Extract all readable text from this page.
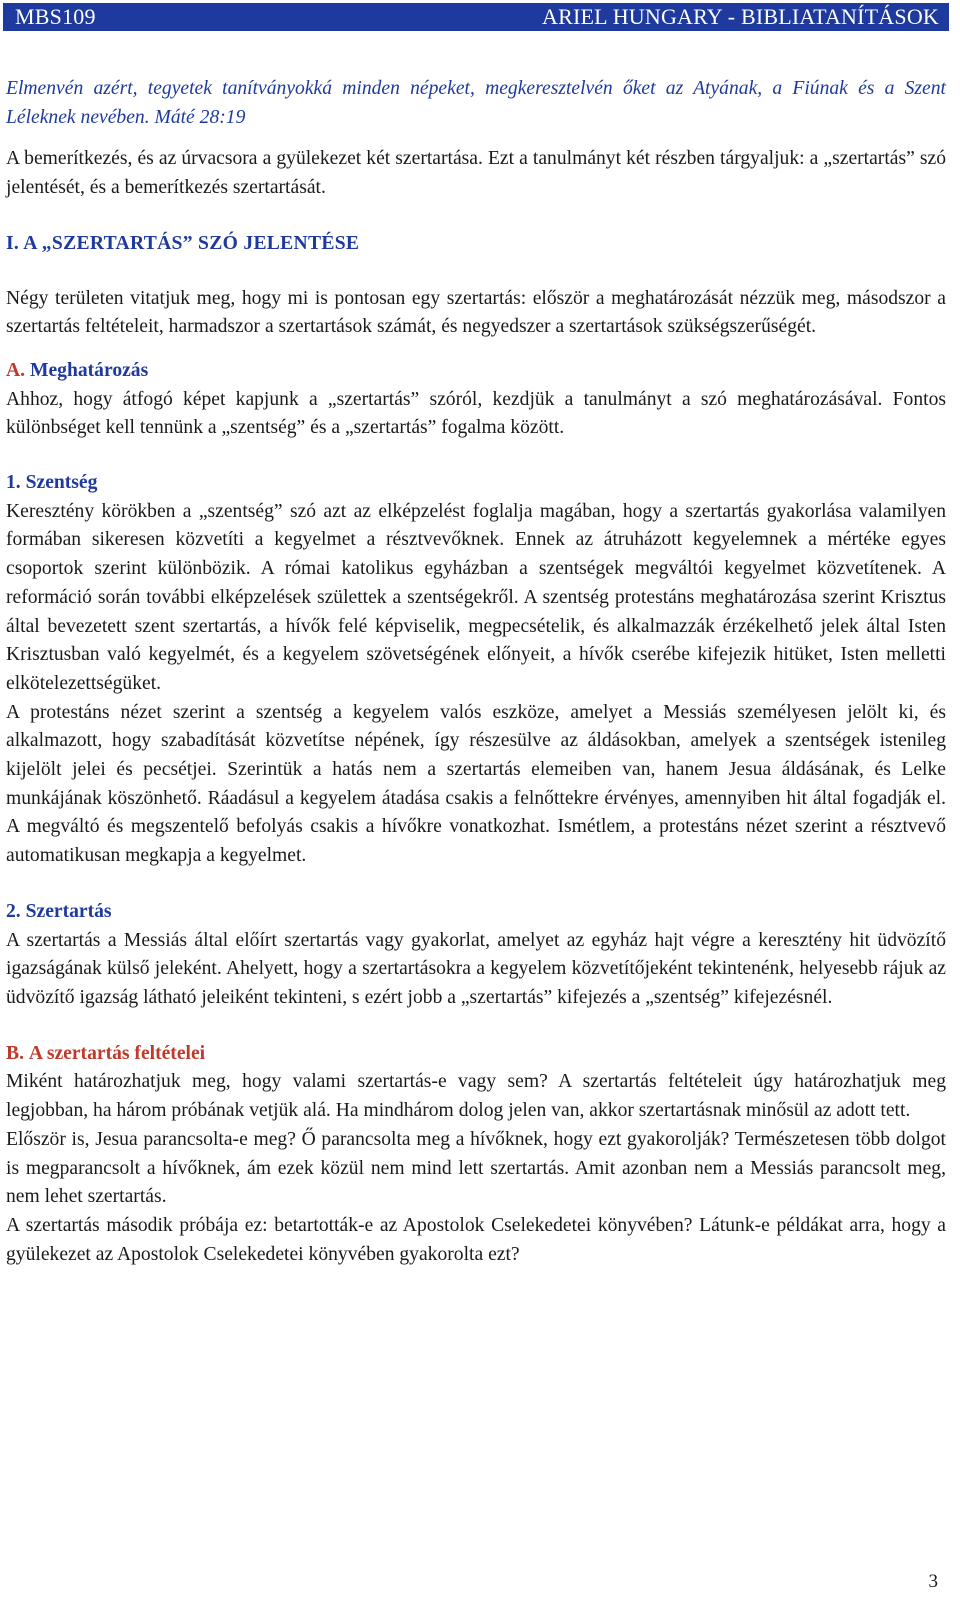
MBS109	ARIEL HUNGARY - BIBLIATANÍTÁSOK

Elmenvén azért, tegyetek tanítványokká minden népeket, megkeresztelvén őket az Atyának, a Fiúnak és a Szent Léleknek nevében. Máté 28:19

A bemerítkezés, és az úrvacsora a gyülekezet két szertartása. Ezt a tanulmányt két részben tárgyaljuk: a „szertartás” szó jelentését, és a bemerítkezés szertartását.

I. A „SZERTARTÁS” SZÓ JELENTÉSE

Négy területen vitatjuk meg, hogy mi is pontosan egy szertartás: először a meghatározását nézzük meg, másodszor a szertartás feltételeit, harmadszor a szertartások számát, és negyedszer a szertartások szükségszerűségét.

A. Meghatározás

Ahhoz, hogy átfogó képet kapjunk a „szertartás” szóról, kezdjük a tanulmányt a szó meghatározásával. Fontos különbséget kell tennünk a „szentség” és a „szertartás” fogalma között.

1. Szentség

Keresztény körökben a „szentség” szó azt az elképzelést foglalja magában, hogy a szertartás gyakorlása valamilyen formában sikeresen közvetíti a kegyelmet a résztvevőknek. Ennek az átruházott kegyelemnek a mértéke egyes csoportok szerint különbözik. A római katolikus egyházban a szentségek megváltói kegyelmet közvetítenek. A reformáció során további elképzelések születtek a szentségekről. A szentség protestáns meghatározása szerint Krisztus által bevezetett szent szertartás, a hívők felé képviselik, megpecsételik, és alkalmazzák érzékelhető jelek által Isten Krisztusban való kegyelmét, és a kegyelem szövetségének előnyeit, a hívők cserébe kifejezik hitüket, Isten melletti elkötelezettségüket.

A protestáns nézet szerint a szentség a kegyelem valós eszköze, amelyet a Messiás személyesen jelölt ki, és alkalmazott, hogy szabadítását közvetítse népének, így részesülve az áldásokban, amelyek a szentségek istenileg kijelölt jelei és pecsétjei. Szerintük a hatás nem a szertartás elemeiben van, hanem Jesua áldásának, és Lelke munkájának köszönhető. Ráadásul a kegyelem átadása csakis a felnőttekre érvényes, amennyiben hit által fogadják el. A megváltó és megszentelő befolyás csakis a hívőkre vonatkozhat. Ismétlem, a protestáns nézet szerint a résztvevő automatikusan megkapja a kegyelmet.

2. Szertartás

A szertartás a Messiás által előírt szertartás vagy gyakorlat, amelyet az egyház hajt végre a keresztény hit üdvözítő igazságának külső jeleként. Ahelyett, hogy a szertartásokra a kegyelem közvetítőjeként tekintenénk, helyesebb rájuk az üdvözítő igazság látható jeleiként tekinteni, s ezért jobb a „szertartás” kifejezés a „szentség” kifejezésnél.

B. A szertartás feltételei

Miként határozhatjuk meg, hogy valami szertartás-e vagy sem? A szertartás feltételeit úgy határozhatjuk meg legjobban, ha három próbának vetjük alá. Ha mindhárom dolog jelen van, akkor szertartásnak minősül az adott tett.

Először is, Jesua parancsolta-e meg? Ő parancsolta meg a hívőknek, hogy ezt gyakorolják? Természetesen több dolgot is megparancsolt a hívőknek, ám ezek közül nem mind lett szertartás. Amit azonban nem a Messiás parancsolt meg, nem lehet szertartás.

A szertartás második próbája ez: betartották-e az Apostolok Cselekedetei könyvében? Látunk-e példákat arra, hogy a gyülekezet az Apostolok Cselekedetei könyvében gyakorolta ezt?

3
